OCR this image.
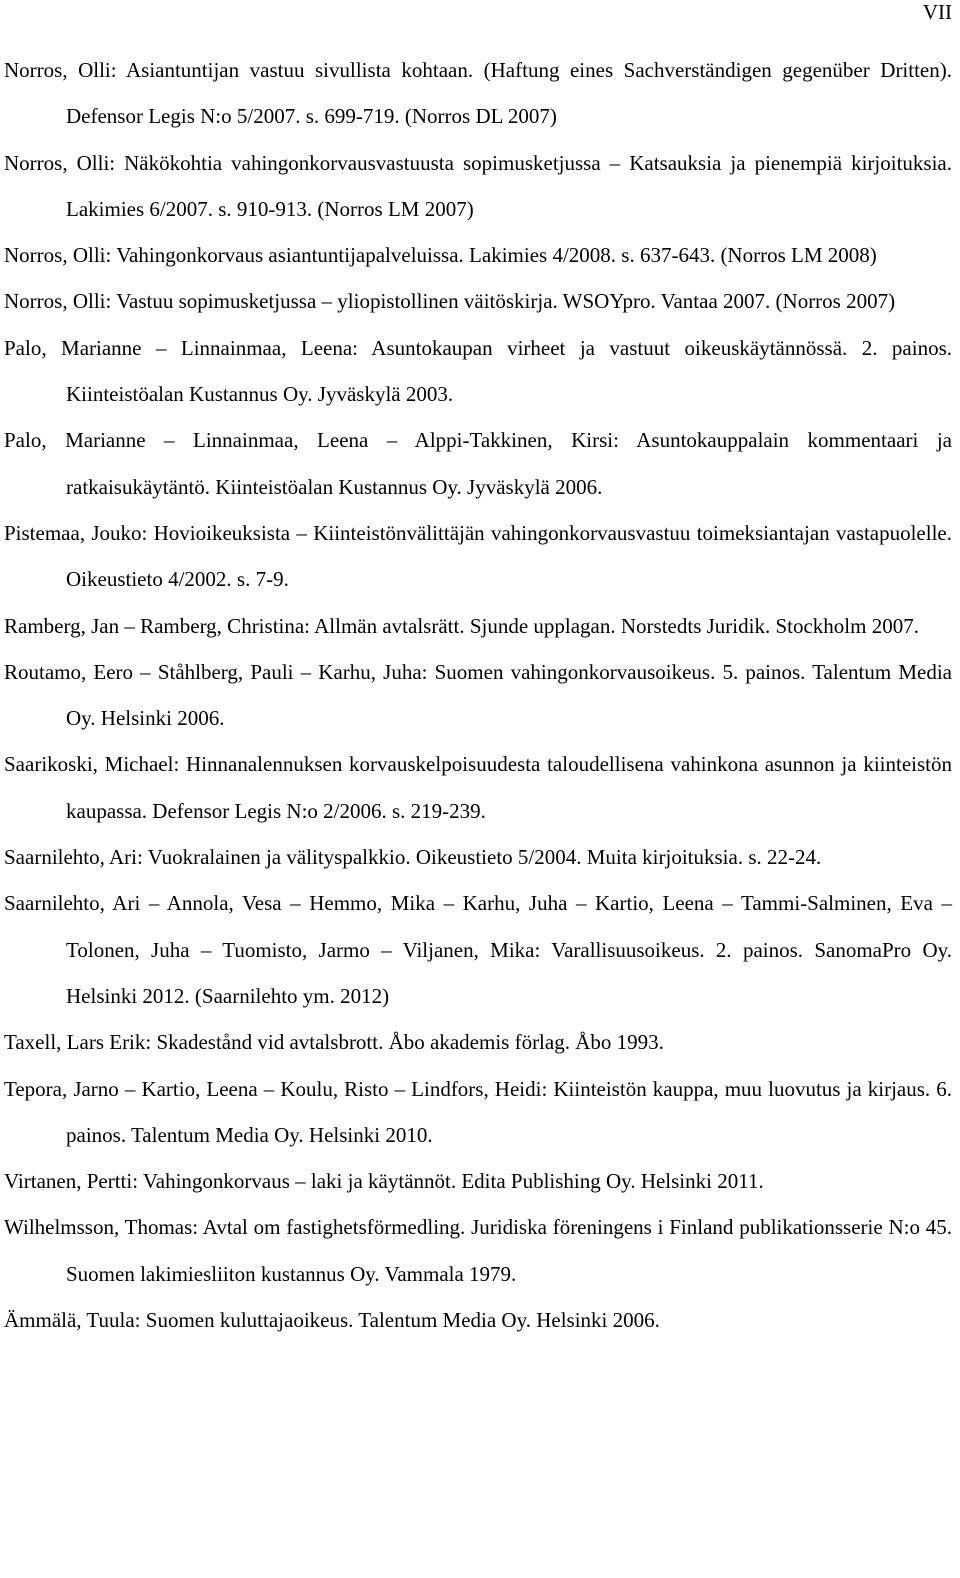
VII

Norros, Olli: Asiantuntijan vastuu sivullista kohtaan. (Haftung eines Sachverständigen gegenüber Dritten). Defensor Legis N:o 5/2007. s. 699-719. (Norros DL 2007)

Norros, Olli: Näkökohtia vahingonkorvausvastuusta sopimusketjussa – Katsauksia ja pienempiä kirjoituksia. Lakimies 6/2007. s. 910-913. (Norros LM 2007)

Norros, Olli: Vahingonkorvaus asiantuntijapalveluissa. Lakimies 4/2008. s. 637-643. (Norros LM 2008)

Norros, Olli: Vastuu sopimusketjussa – yliopistollinen väitöskirja. WSOYpro. Vantaa 2007. (Norros 2007)

Palo, Marianne – Linnainmaa, Leena: Asuntokaupan virheet ja vastuut oikeuskäytännössä. 2. painos. Kiinteistöalan Kustannus Oy. Jyväskylä 2003.

Palo, Marianne – Linnainmaa, Leena – Alppi-Takkinen, Kirsi: Asuntokauppalain kommentaari ja ratkaisukäytäntö. Kiinteistöalan Kustannus Oy. Jyväskylä 2006.

Pistemaa, Jouko: Hovioikeuksista – Kiinteistönvälittäjän vahingonkorvausvastuu toimeksiantajan vastapuolelle. Oikeustieto 4/2002. s. 7-9.

Ramberg, Jan – Ramberg, Christina: Allmän avtalsrätt. Sjunde upplagan. Norstedts Juridik. Stockholm 2007.

Routamo, Eero – Ståhlberg, Pauli – Karhu, Juha: Suomen vahingonkorvausoikeus. 5. painos. Talentum Media Oy. Helsinki 2006.

Saarikoski, Michael: Hinnanalennuksen korvauskelpoisuudesta taloudellisena vahinkona asunnon ja kiinteistön kaupassa. Defensor Legis N:o 2/2006. s. 219-239.

Saarnilehto, Ari: Vuokralainen ja välityspalkkio. Oikeustieto 5/2004. Muita kirjoituksia. s. 22-24.

Saarnilehto, Ari – Annola, Vesa – Hemmo, Mika – Karhu, Juha – Kartio, Leena – Tammi-Salminen, Eva – Tolonen, Juha – Tuomisto, Jarmo – Viljanen, Mika: Varallisuusoikeus. 2. painos. SanomaPro Oy. Helsinki 2012. (Saarnilehto ym. 2012)

Taxell, Lars Erik: Skadestånd vid avtalsbrott. Åbo akademis förlag. Åbo 1993.

Tepora, Jarno – Kartio, Leena – Koulu, Risto – Lindfors, Heidi: Kiinteistön kauppa, muu luovutus ja kirjaus. 6. painos. Talentum Media Oy. Helsinki 2010.

Virtanen, Pertti: Vahingonkorvaus – laki ja käytännöt. Edita Publishing Oy. Helsinki 2011.

Wilhelmsson, Thomas: Avtal om fastighetsförmedling. Juridiska föreningens i Finland publikationsserie N:o 45. Suomen lakimiesliiton kustannus Oy. Vammala 1979.

Ämmälä, Tuula: Suomen kuluttajaoikeus. Talentum Media Oy. Helsinki 2006.
